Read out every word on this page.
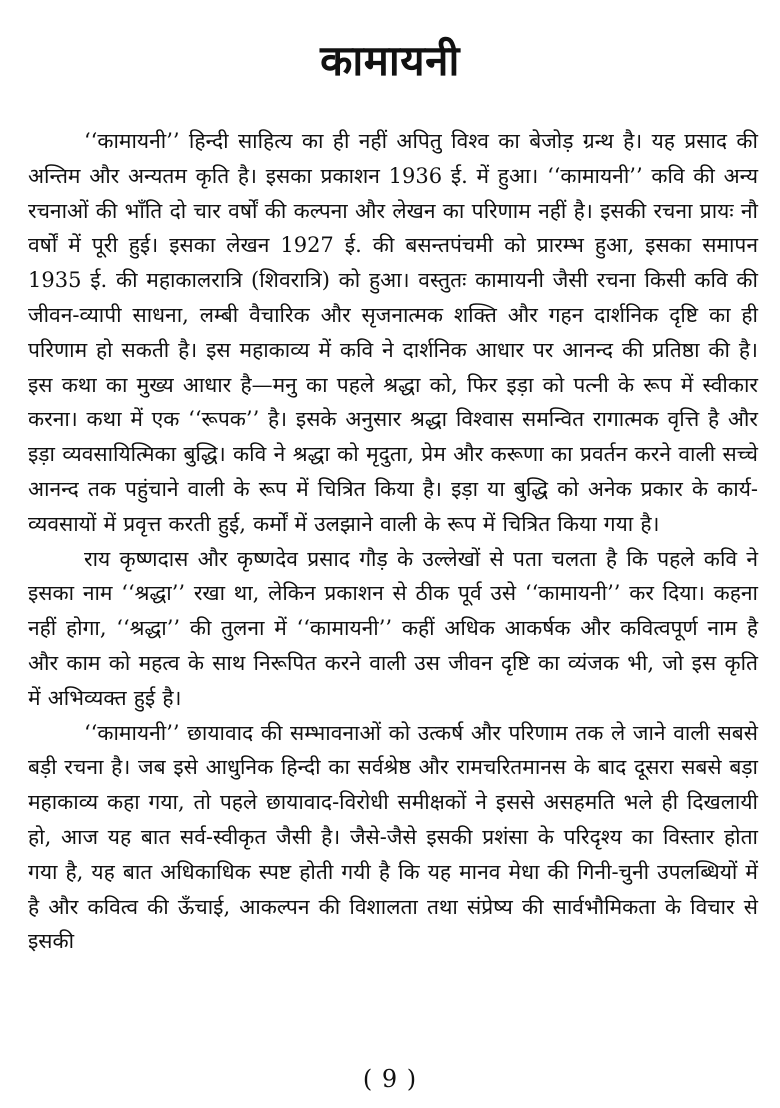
कामायनी

‘‘कामायनी’’ हिन्दी साहित्य का ही नहीं अपितु विश्व का बेजोड़ ग्रन्थ है। यह प्रसाद की अन्तिम और अन्यतम कृति है। इसका प्रकाशन 1936 ई. में हुआ। ‘‘कामायनी’’ कवि की अन्य रचनाओं की भाँति दो चार वर्षों की कल्पना और लेखन का परिणाम नहीं है। इसकी रचना प्रायः नौ वर्षों में पूरी हुई। इसका लेखन 1927 ई. की बसन्तपंचमी को प्रारम्भ हुआ, इसका समापन 1935 ई. की महाकालरात्रि (शिवरात्रि) को हुआ। वस्तुतः कामायनी जैसी रचना किसी कवि की जीवन-व्यापी साधना, लम्बी वैचारिक और सृजनात्मक शक्ति और गहन दार्शनिक दृष्टि का ही परिणाम हो सकती है। इस महाकाव्य में कवि ने दार्शनिक आधार पर आनन्द की प्रतिष्ठा की है। इस कथा का मुख्य आधार है—मनु का पहले श्रद्धा को, फिर इड़ा को पत्नी के रूप में स्वीकार करना। कथा में एक ‘‘रूपक’’ है। इसके अनुसार श्रद्धा विश्वास समन्वित रागात्मक वृत्ति है और इड़ा व्यवसायित्मिका बुद्धि। कवि ने श्रद्धा को मृदुता, प्रेम और करूणा का प्रवर्तन करने वाली सच्चे आनन्द तक पहुंचाने वाली के रूप में चित्रित किया है। इड़ा या बुद्धि को अनेक प्रकार के कार्य-व्यवसायों में प्रवृत्त करती हुई, कर्मों में उलझाने वाली के रूप में चित्रित किया गया है।

राय कृष्णदास और कृष्णदेव प्रसाद गौड़ के उल्लेखों से पता चलता है कि पहले कवि ने इसका नाम ‘‘श्रद्धा’’ रखा था, लेकिन प्रकाशन से ठीक पूर्व उसे ‘‘कामायनी’’ कर दिया। कहना नहीं होगा, ‘‘श्रद्धा’’ की तुलना में ‘‘कामायनी’’ कहीं अधिक आकर्षक और कवित्वपूर्ण नाम है और काम को महत्व के साथ निरूपित करने वाली उस जीवन दृष्टि का व्यंजक भी, जो इस कृति में अभिव्यक्त हुई है।

‘‘कामायनी’’ छायावाद की सम्भावनाओं को उत्कर्ष और परिणाम तक ले जाने वाली सबसे बड़ी रचना है। जब इसे आधुनिक हिन्दी का सर्वश्रेष्ठ और रामचरितमानस के बाद दूसरा सबसे बड़ा महाकाव्य कहा गया, तो पहले छायावाद-विरोधी समीक्षकों ने इससे असहमति भले ही दिखलायी हो, आज यह बात सर्व-स्वीकृत जैसी है। जैसे-जैसे इसकी प्रशंसा के परिदृश्य का विस्तार होता गया है, यह बात अधिकाधिक स्पष्ट होती गयी है कि यह मानव मेधा की गिनी-चुनी उपलब्धियों में है और कवित्व की ऊँचाई, आकल्पन की विशालता तथा संप्रेष्य की सार्वभौमिकता के विचार से इसकी

( 9 )
